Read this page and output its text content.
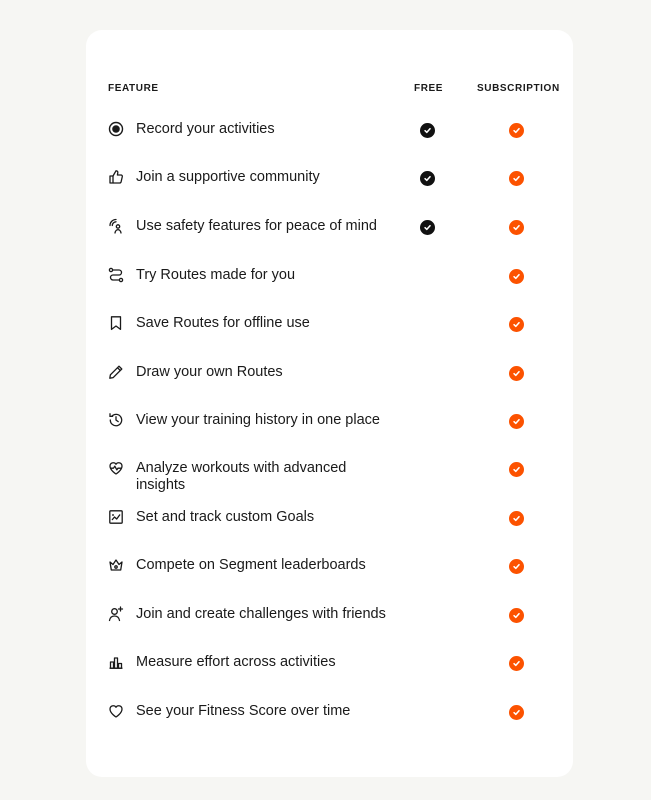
FEATURE	FREE	SUBSCRIPTION
Record your activities
Join a supportive community
Use safety features for peace of mind
Try Routes made for you
Save Routes for offline use
Draw your own Routes
View your training history in one place
Analyze workouts with advanced insights
Set and track custom Goals
Compete on Segment leaderboards
Join and create challenges with friends
Measure effort across activities
See your Fitness Score over time
